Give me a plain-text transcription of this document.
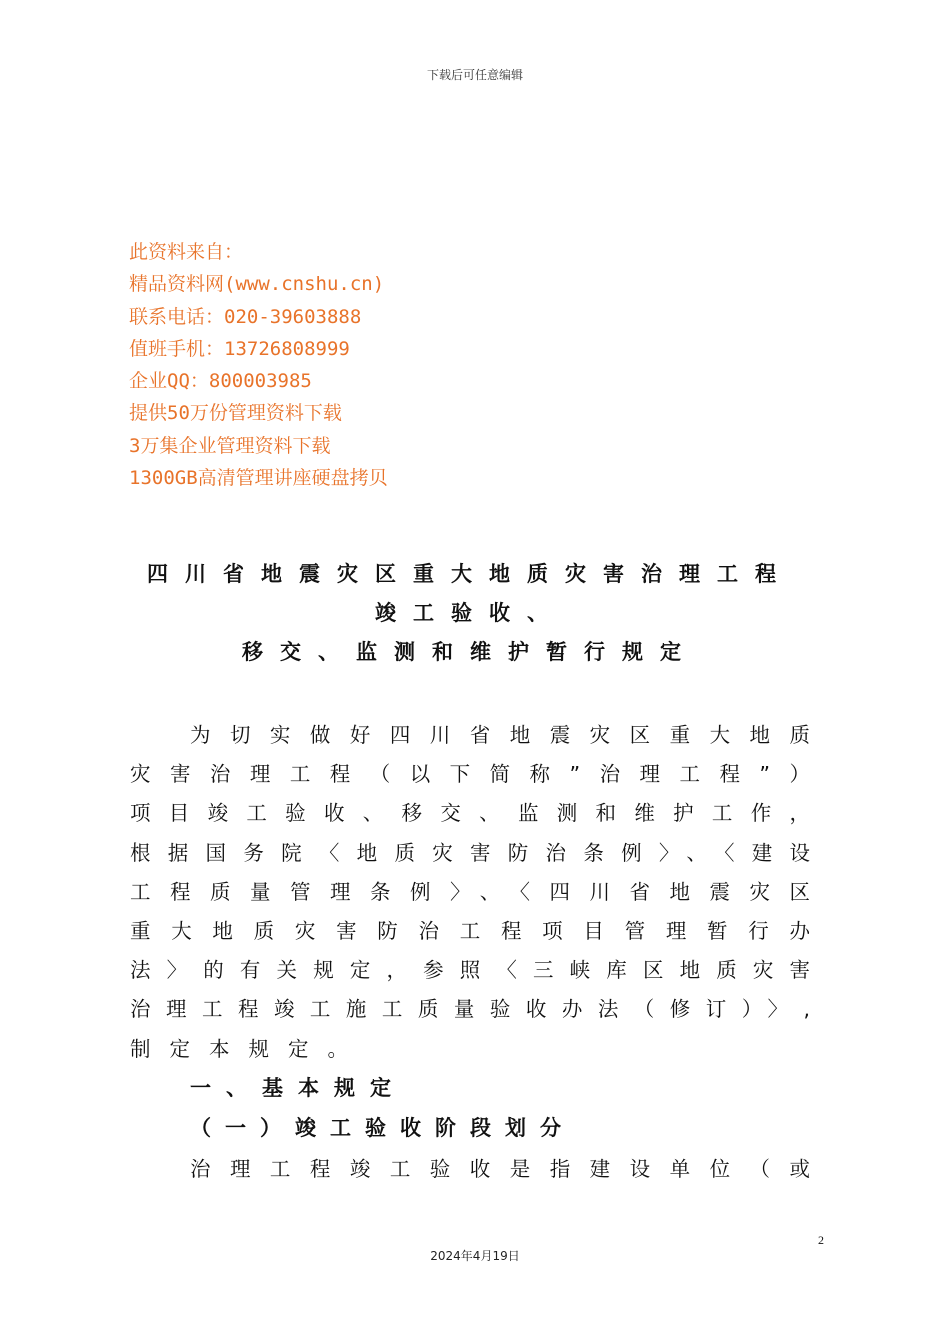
下载后可任意编辑
此资料来自：
精品资料网(www.cnshu.cn)
联系电话：020-39603888
值班手机：13726808999
企业QQ：800003985
提供50万份管理资料下载
3万集企业管理资料下载
1300GB高清管理讲座硬盘拷贝
四川省地震灾区重大地质灾害治理工程
竣工验收、
移交、监测和维护暂行规定
为切实做好四川省地震灾区重大地质
灾害治理工程（以下简称”治理工程”）
项目竣工验收、移交、监测和维护工作，
根据国务院〈地质灾害防治条例〉、〈建设
工程质量管理条例〉、〈四川省地震灾区
重大地质灾害防治工程项目管理暂行办
法〉的有关规定，参照〈三峡库区地质灾害
治理工程竣工施工质量验收办法（修订）〉,
制定本规定。
一、基本规定
（一）竣工验收阶段划分
治理工程竣工验收是指建设单位（或
2
2024年4月19日
